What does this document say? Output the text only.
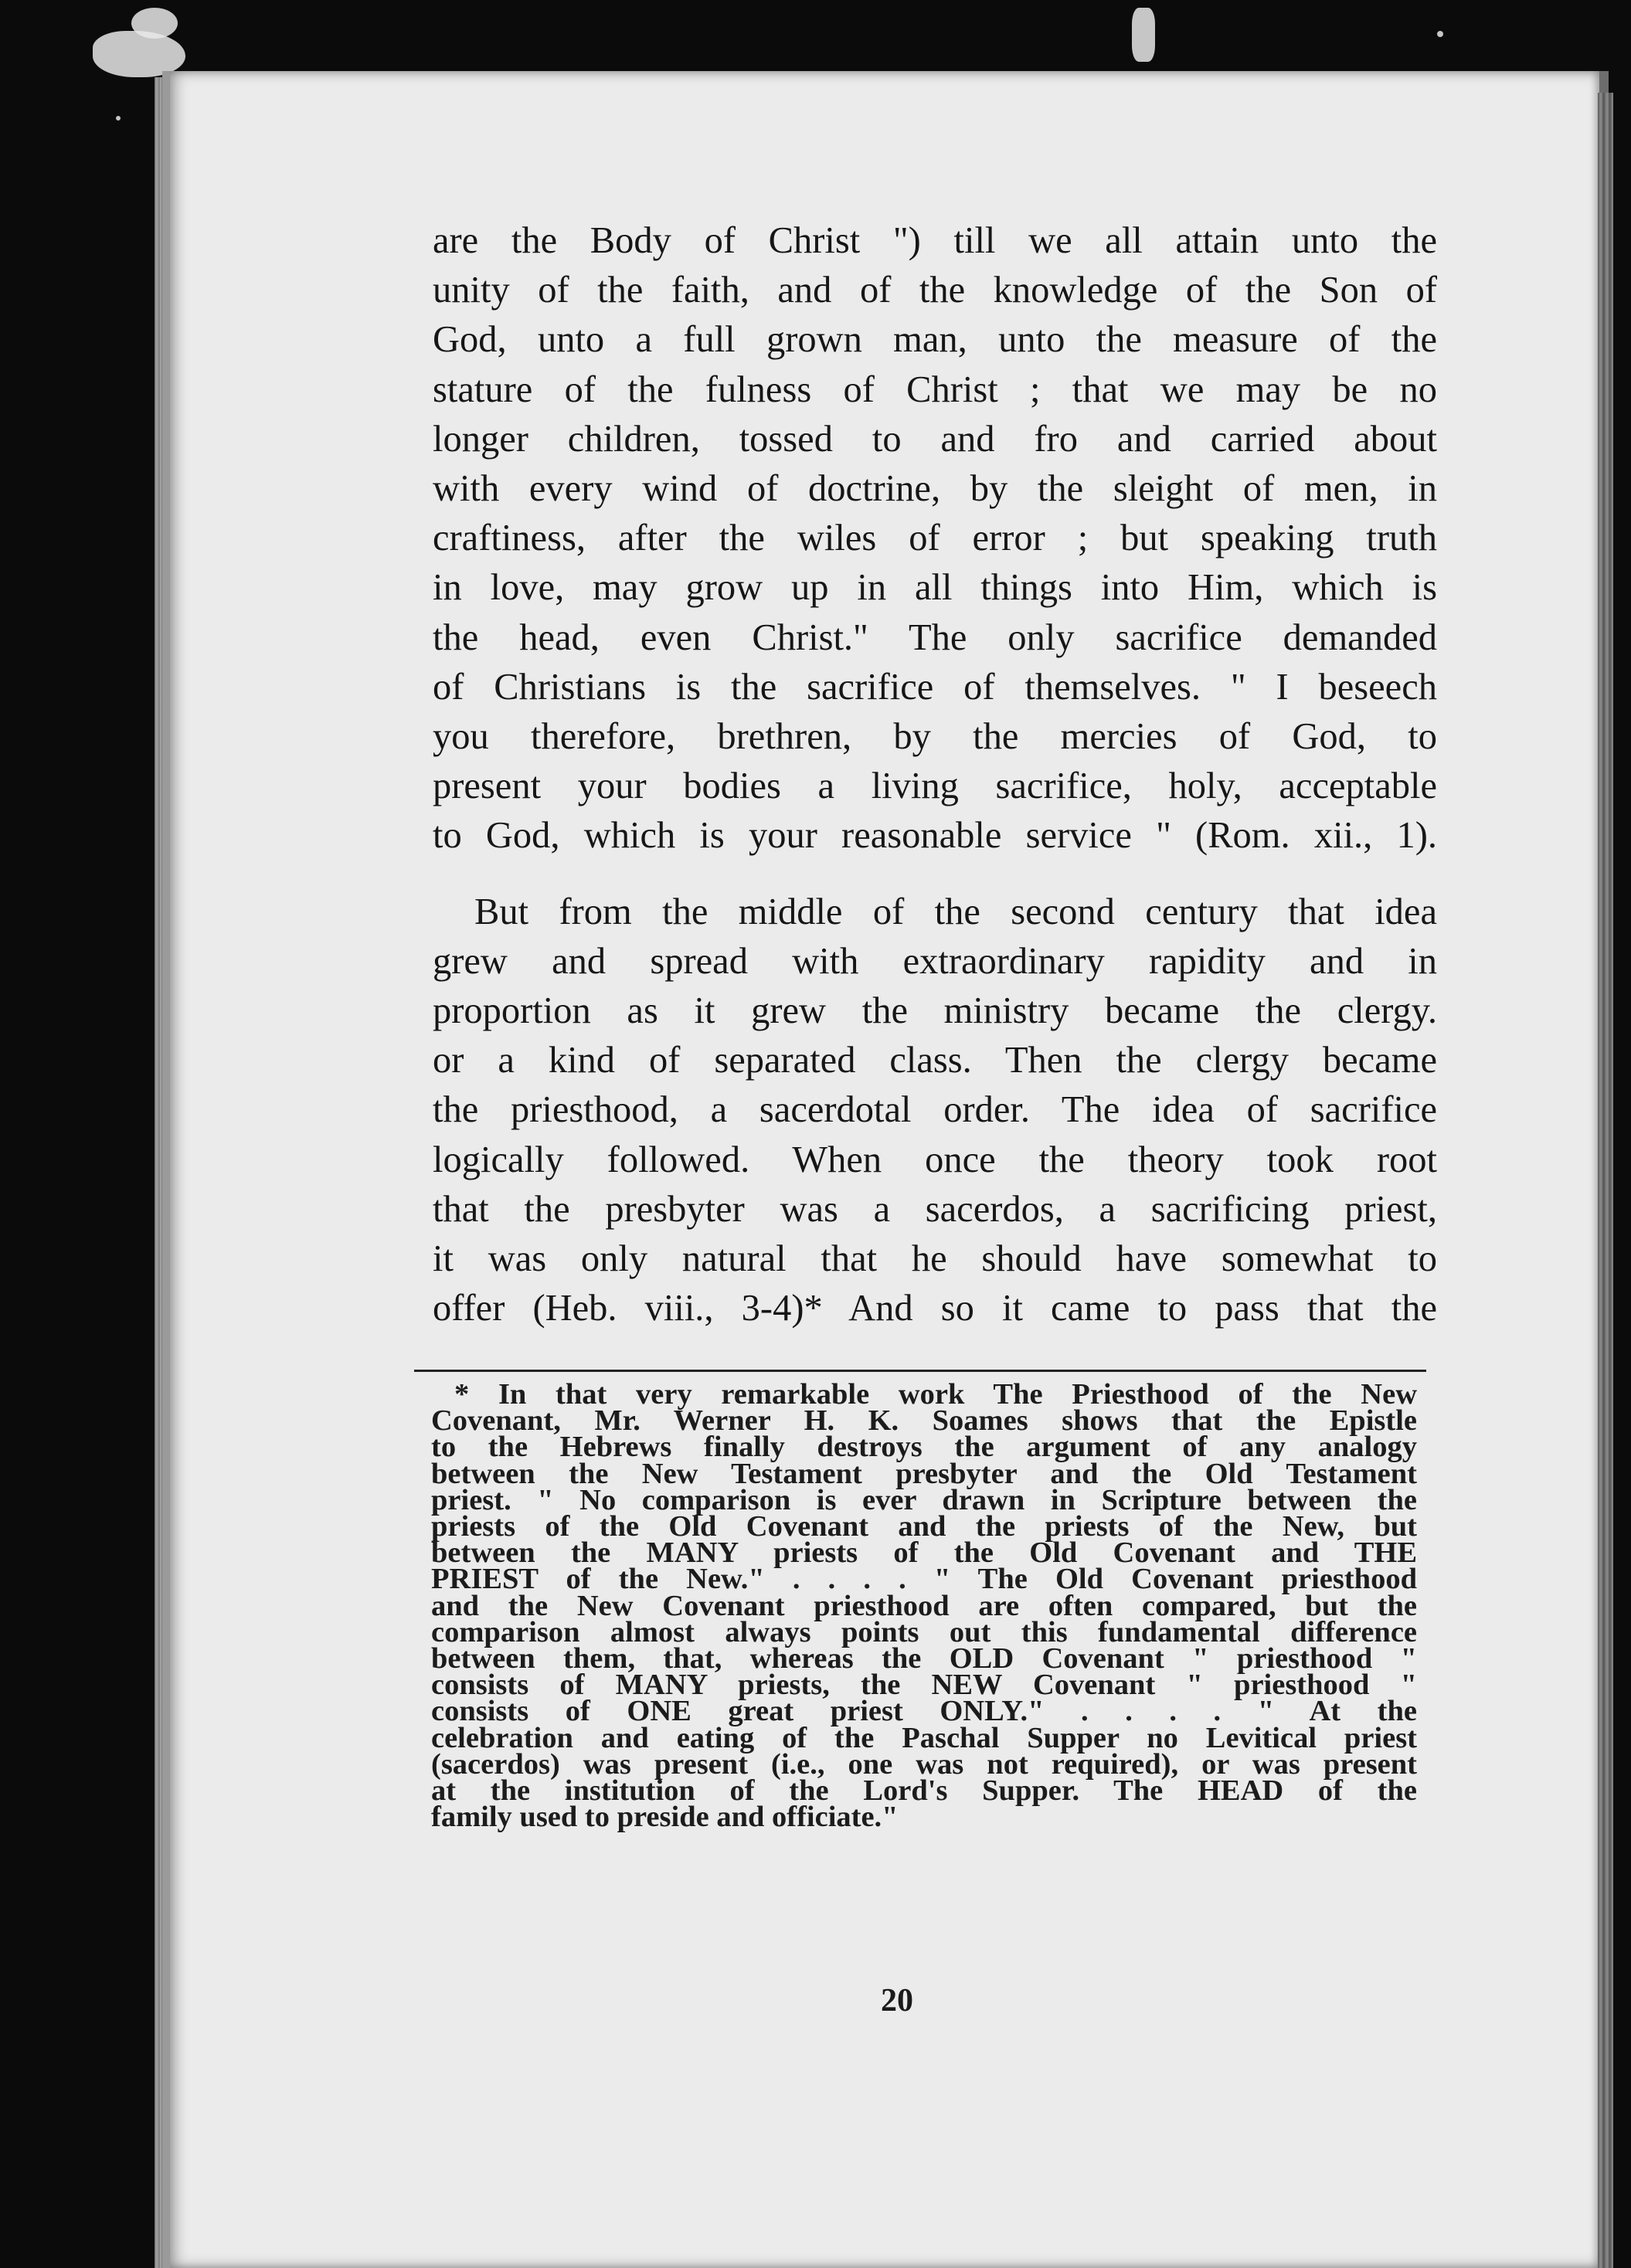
are the Body of Christ ") till we all attain unto the
unity of the faith, and of the knowledge of the Son of
God, unto a full grown man, unto the measure of the
stature of the fulness of Christ ; that we may be no
longer children, tossed to and fro and carried about
with every wind of doctrine, by the sleight of men, in
craftiness, after the wiles of error ; but speaking truth
in love, may grow up in all things into Him, which is
the head, even Christ." The only sacrifice demanded
of Christians is the sacrifice of themselves. " I beseech
you therefore, brethren, by the mercies of God, to
present your bodies a living sacrifice, holy, acceptable
to God, which is your reasonable service " (Rom. xii., 1).

But from the middle of the second century that idea
grew and spread with extraordinary rapidity and in
proportion as it grew the ministry became the clergy.
or a kind of separated class. Then the clergy became
the priesthood, a sacerdotal order. The idea of sacrifice
logically followed. When once the theory took root
that the presbyter was a sacerdos, a sacrificing priest,
it was only natural that he should have somewhat to
offer (Heb. viii., 3-4)* And so it came to pass that the

* In that very remarkable work The Priesthood of the New
Covenant, Mr. Werner H. K. Soames shows that the Epistle
to the Hebrews finally destroys the argument of any analogy
between the New Testament presbyter and the Old Testament
priest. " No comparison is ever drawn in Scripture between the
priests of the Old Covenant and the priests of the New, but
between the MANY priests of the Old Covenant and THE
PRIEST of the New." . . . . " The Old Covenant priesthood
and the New Covenant priesthood are often compared, but the
comparison almost always points out this fundamental difference
between them, that, whereas the OLD Covenant " priesthood "
consists of MANY priests, the NEW Covenant " priesthood "
consists of ONE great priest ONLY." . . . . " At the
celebration and eating of the Paschal Supper no Levitical priest
(sacerdos) was present (i.e., one was not required), or was present
at the institution of the Lord's Supper. The HEAD of the
family used to preside and officiate."
20
